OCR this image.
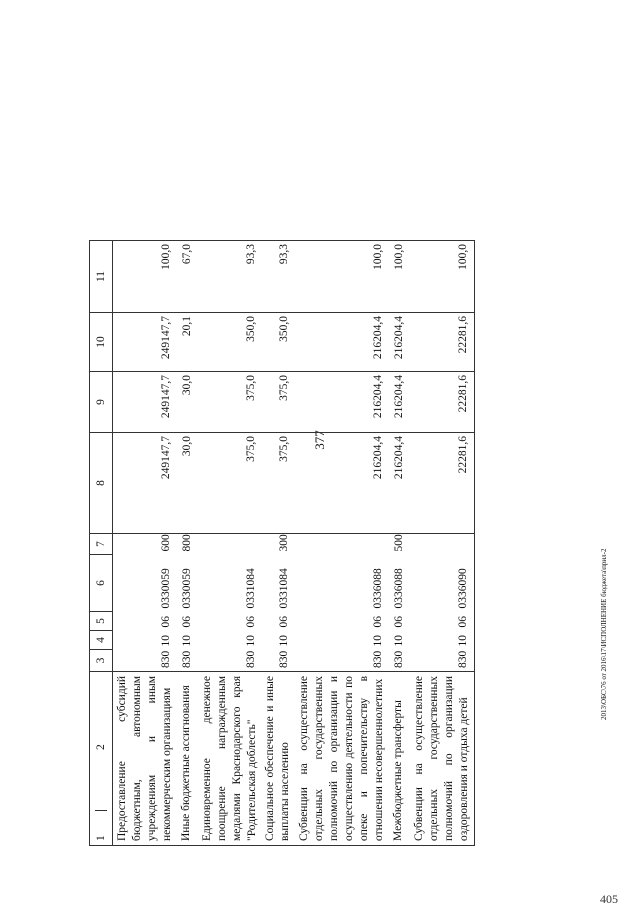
377
2013\ОБС\76 от 2016\17\ИСПОЛНЕНИЕ бюджета\прил-2
405
1 2	3	4	5	6	7	8	9	10	11
Предоставление субсидий бюджетным, автономным учреждениям и иным некоммерческим организациям	830	10	06	0330059	600	249147,7	249147,7	249147,7	100,0
Иные бюджетные ассигнования	830	10	06	0330059	800	30,0	30,0	20,1	67,0
Единовременное денежное поощрение награжденным медалями Краснодарского края "Родительская доблесть"	830	10	06	0331084		375,0	375,0	350,0	93,3
Социальное обеспечение и иные выплаты населению	830	10	06	0331084	300	375,0	375,0	350,0	93,3
Субвенции на осуществление отдельных государственных полномочий по организации и осуществлению деятельности по опеке и попечительству в отношении несовершеннолетних	830	10	06	0336088		216204,4	216204,4	216204,4	100,0
Межбюджетные трансферты	830	10	06	0336088	500	216204,4	216204,4	216204,4	100,0
Субвенции на осуществление отдельных государственных полномочий по организации оздоровления и отдыха детей	830	10	06	0336090		22281,6	22281,6	22281,6	100,0
